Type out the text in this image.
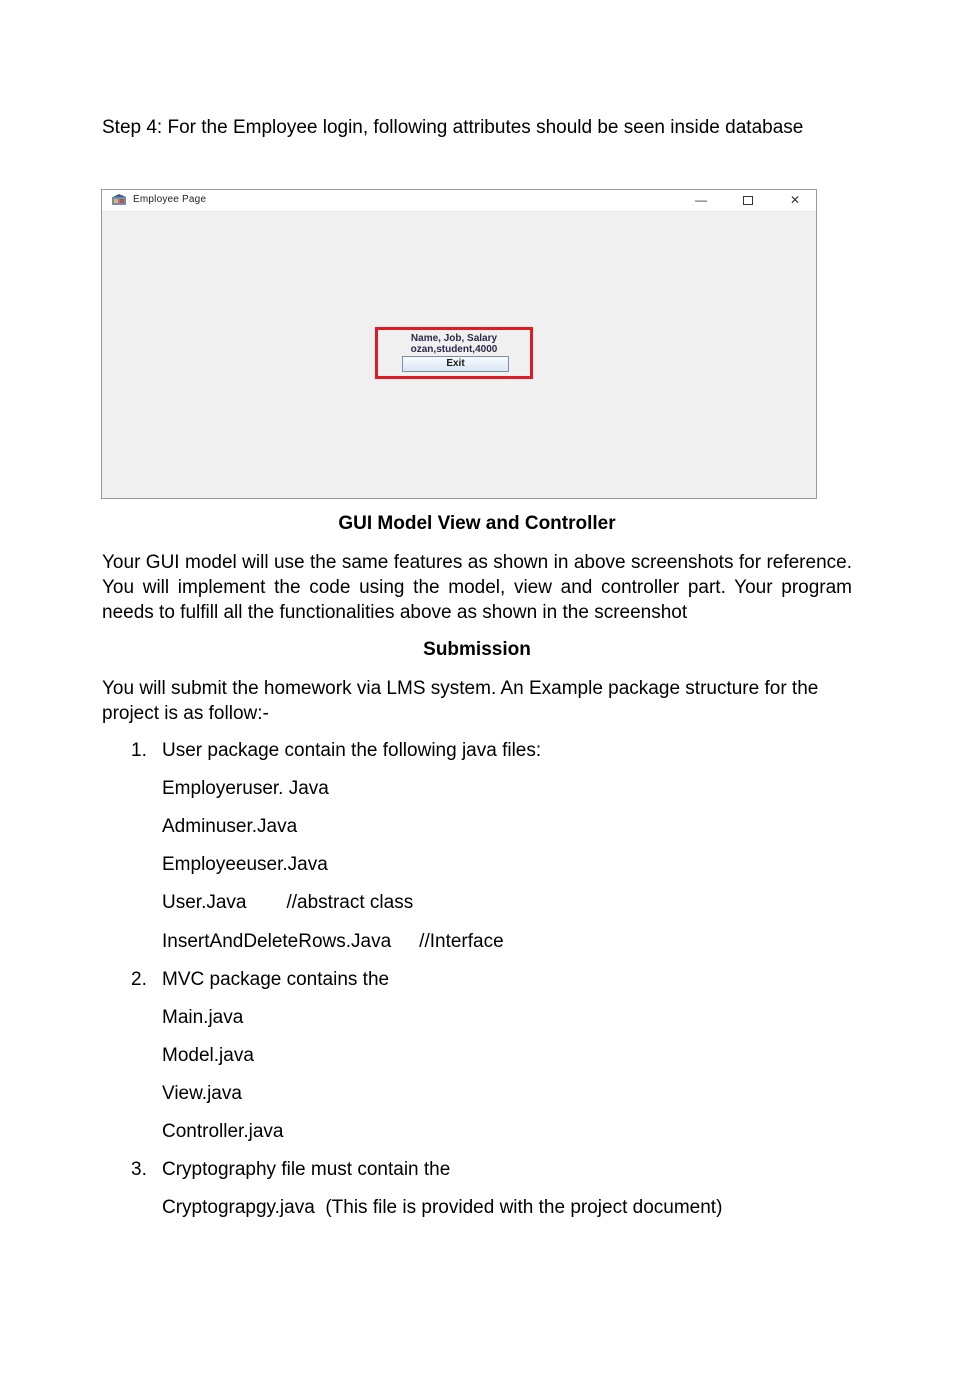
Step 4: For the Employee login, following attributes should be seen inside database
Employee Page	—	✕
Name, Job, Salary
ozan,student,4000
Exit
GUI Model View and Controller
Your GUI model will use the same features as shown in above screenshots for reference. You will implement the code using the model, view and controller part. Your program needs to fulfill all the functionalities above as shown in the screenshot
Submission
You will submit the homework via LMS system. An Example package structure for the project is as follow:-
1. User package contain the following java files:
Employeruser. Java
Adminuser.Java
Employeeuser.Java
User.Java //abstract class
InsertAndDeleteRows.Java //Interface
2. MVC package contains the
Main.java
Model.java
View.java
Controller.java
3. Cryptography file must contain the
Cryptograpgy.java  (This file is provided with the project document)
